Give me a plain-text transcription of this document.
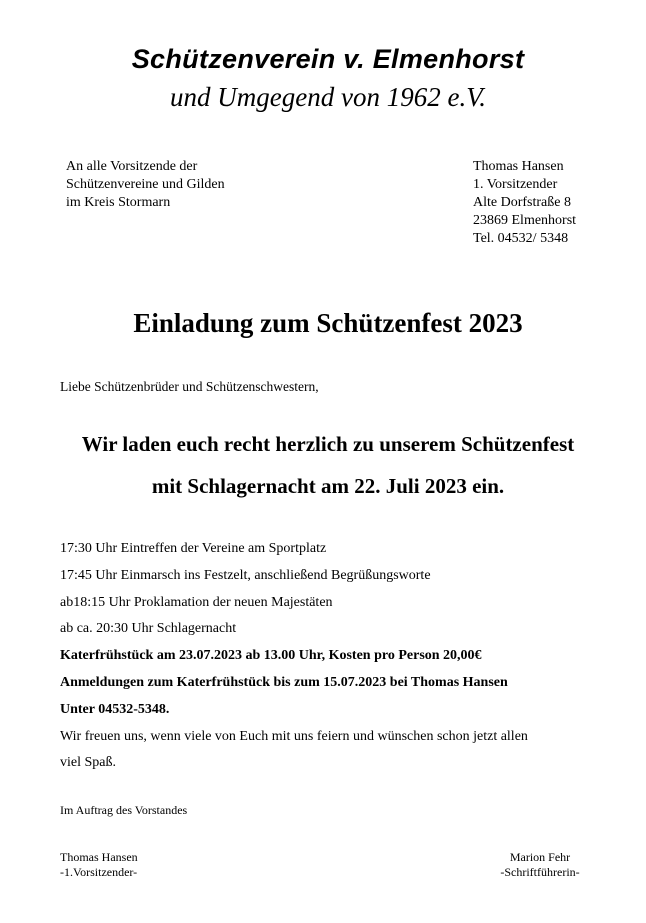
Schützenverein v. Elmenhorst
und Umgegend von 1962 e.V.
An alle Vorsitzende der
Schützenvereine und Gilden
im Kreis Stormarn
Thomas Hansen
1. Vorsitzender
Alte Dorfstraße 8
23869 Elmenhorst
Tel. 04532/ 5348
Einladung zum Schützenfest 2023
Liebe Schützenbrüder und Schützenschwestern,
Wir laden euch recht herzlich zu unserem Schützenfest
mit Schlagernacht am 22. Juli 2023 ein.
17:30 Uhr Eintreffen der Vereine am Sportplatz
17:45 Uhr Einmarsch ins Festzelt, anschließend Begrüßungsworte
ab18:15 Uhr Proklamation der neuen Majestäten
ab ca. 20:30 Uhr Schlagernacht
Katerfrühstück am 23.07.2023 ab 13.00 Uhr, Kosten pro Person 20,00€
Anmeldungen zum Katerfrühstück bis zum 15.07.2023 bei Thomas Hansen
Unter 04532-5348.
Wir freuen uns, wenn viele von Euch mit uns feiern und wünschen schon jetzt allen
viel Spaß.
Im Auftrag des Vorstandes
Thomas Hansen
-1.Vorsitzender-
Marion Fehr
-Schriftführerin-
